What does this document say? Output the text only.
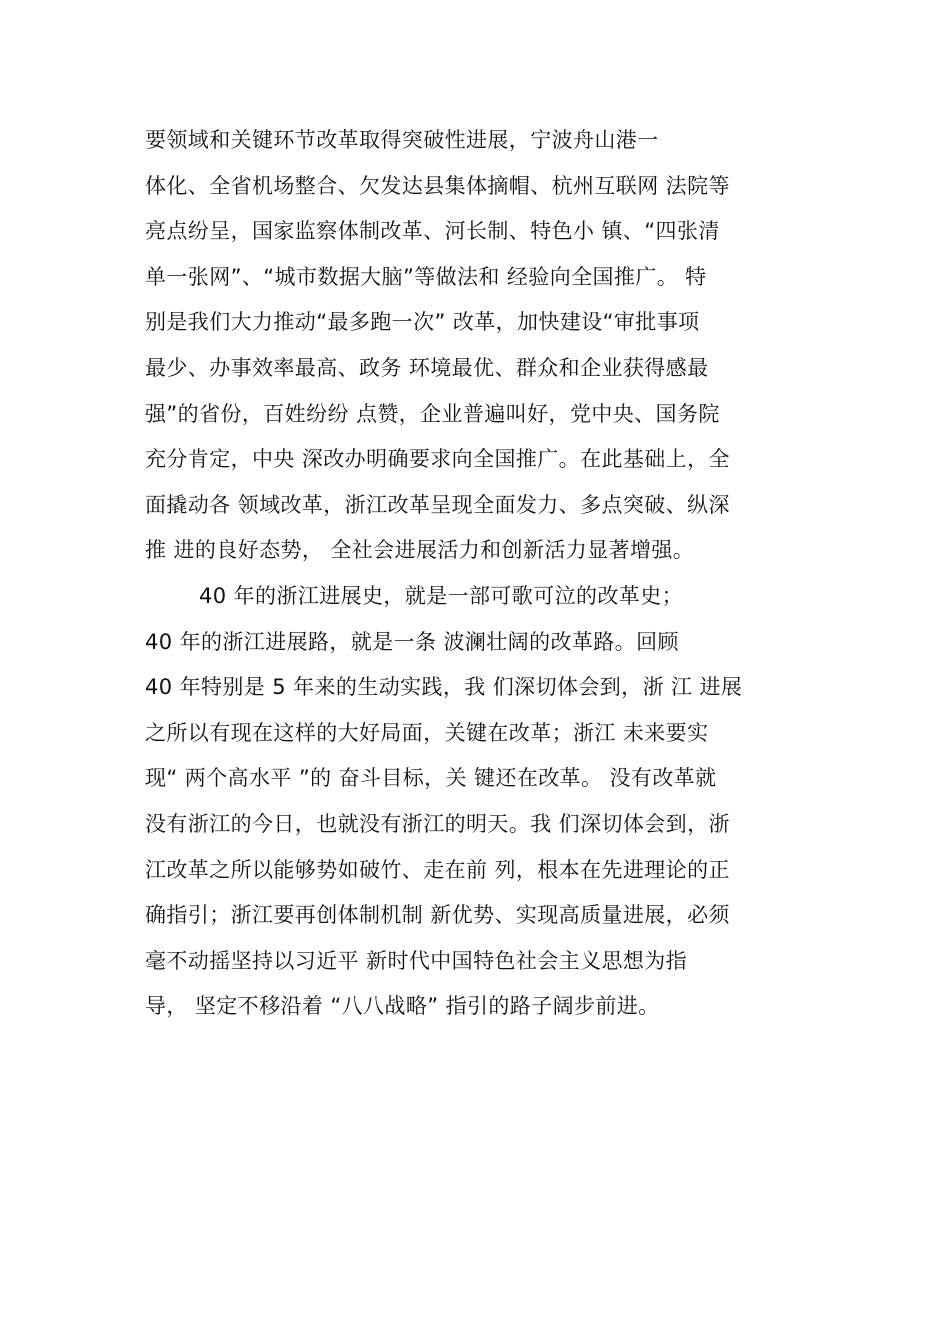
要领域和关键环节改革取得突破性进展，宁波舟山港一
体化、全省机场整合、欠发达县集体摘帽、杭州互联网 法院等
亮点纷呈，国家监察体制改革、河长制、特色小 镇、“四张清
单一张网”、“城市数据大脑”等做法和 经验向全国推广。 特
别是我们大力推动“最多跑一次” 改革，加快建设“审批事项
最少、办事效率最高、政务 环境最优、群众和企业获得感最
强”的省份，百姓纷纷 点赞，企业普遍叫好，党中央、国务院
充分肯定，中央 深改办明确要求向全国推广。在此基础上，全
面撬动各 领域改革，浙江改革呈现全面发力、多点突破、纵深
推 进的良好态势， 全社会进展活力和创新活力显著增强。
40 年的浙江进展史，就是一部可歌可泣的改革史；
40 年的浙江进展路，就是一条 波澜壮阔的改革路。回顾
40 年特别是 5 年来的生动实践，我 们深切体会到，浙 江 进展
之所以有现在这样的大好局面，关键在改革；浙江 未来要实
现“ 两个高水平 ”的 奋斗目标，关 键还在改革。 没有改革就
没有浙江的今日，也就没有浙江的明天。我 们深切体会到，浙
江改革之所以能够势如破竹、走在前 列，根本在先进理论的正
确指引；浙江要再创体制机制 新优势、实现高质量进展，必须
毫不动摇坚持以习近平 新时代中国特色社会主义思想为指
导， 坚定不移沿着 “八八战略” 指引的路子阔步前进。
